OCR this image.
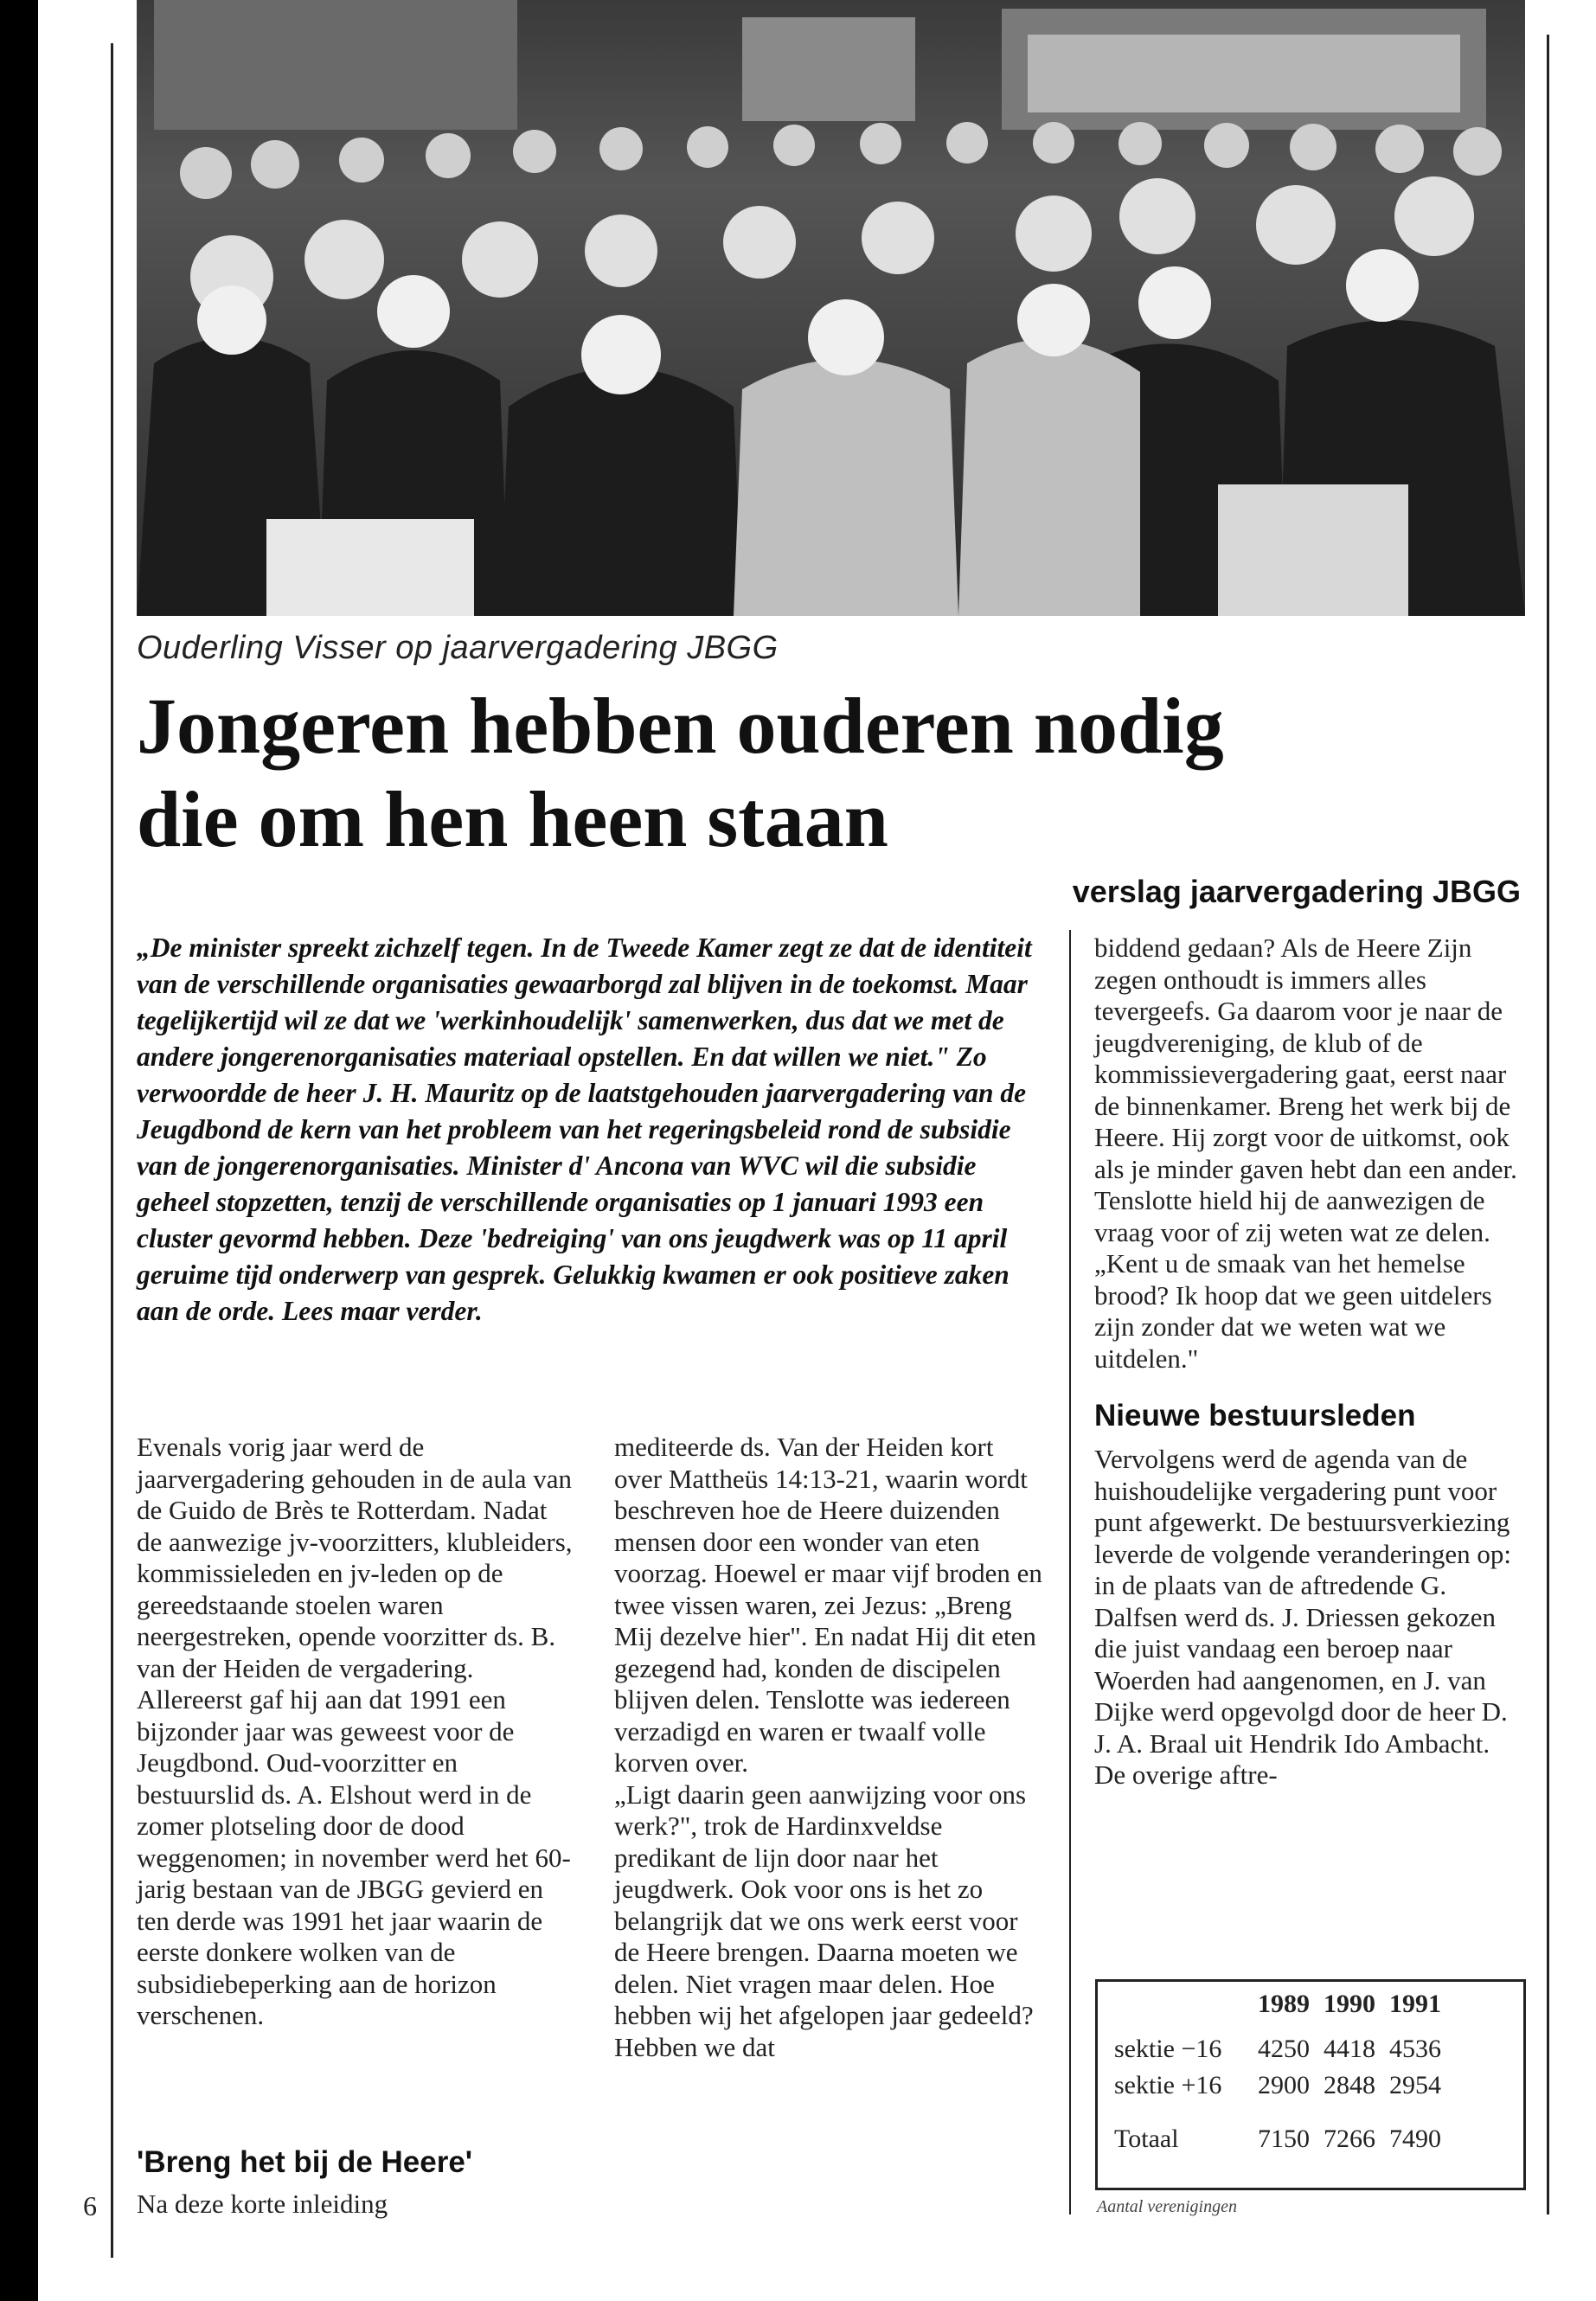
Ouderling Visser op jaarvergadering JBGG
Jongeren hebben ouderen nodig
die om hen heen staan
verslag jaarvergadering JBGG

„De minister spreekt zichzelf tegen. In de Tweede Kamer zegt ze dat de identiteit van de verschillende organisaties gewaarborgd zal blijven in de toekomst. Maar tegelijkertijd wil ze dat we 'werkinhoudelijk' samenwerken, dus dat we met de andere jongerenorganisaties materiaal opstellen. En dat willen we niet." Zo verwoordde de heer J. H. Mauritz op de laatstgehouden jaarvergadering van de Jeugdbond de kern van het probleem van het regeringsbeleid rond de subsidie van de jongerenorganisaties. Minister d' Ancona van WVC wil die subsidie geheel stopzetten, tenzij de verschillende organisaties op 1 januari 1993 een cluster gevormd hebben. Deze 'bedreiging' van ons jeugdwerk was op 11 april geruime tijd onderwerp van gesprek. Gelukkig kwamen er ook positieve zaken aan de orde. Lees maar verder.

Evenals vorig jaar werd de jaarvergadering gehouden in de aula van de Guido de Brès te Rotterdam. Nadat de aanwezige jv-voorzitters, klubleiders, kommissieleden en jv-leden op de gereedstaande stoelen waren neergestreken, opende voorzitter ds. B. van der Heiden de vergadering. Allereerst gaf hij aan dat 1991 een bijzonder jaar was geweest voor de Jeugdbond. Oud-voorzitter en bestuurslid ds. A. Elshout werd in de zomer plotseling door de dood weggenomen; in november werd het 60-jarig bestaan van de JBGG gevierd en ten derde was 1991 het jaar waarin de eerste donkere wolken van de subsidiebeperking aan de horizon verschenen.

'Breng het bij de Heere'
Na deze korte inleiding

mediteerde ds. Van der Heiden kort over Mattheüs 14:13-21, waarin wordt beschreven hoe de Heere duizenden mensen door een wonder van eten voorzag. Hoewel er maar vijf broden en twee vissen waren, zei Jezus: „Breng Mij dezelve hier". En nadat Hij dit eten gezegend had, konden de discipelen blijven delen. Tenslotte was iedereen verzadigd en waren er twaalf volle korven over.

„Ligt daarin geen aanwijzing voor ons werk?", trok de Hardinxveldse predikant de lijn door naar het jeugdwerk. Ook voor ons is het zo belangrijk dat we ons werk eerst voor de Heere brengen. Daarna moeten we delen. Niet vragen maar delen. Hoe hebben wij het afgelopen jaar gedeeld? Hebben we dat

biddend gedaan? Als de Heere Zijn zegen onthoudt is immers alles tevergeefs. Ga daarom voor je naar de jeugdvereniging, de klub of de kommissievergadering gaat, eerst naar de binnenkamer. Breng het werk bij de Heere. Hij zorgt voor de uitkomst, ook als je minder gaven hebt dan een ander. Tenslotte hield hij de aanwezigen de vraag voor of zij weten wat ze delen. „Kent u de smaak van het hemelse brood? Ik hoop dat we geen uitdelers zijn zonder dat we weten wat we uitdelen."

Nieuwe bestuursleden

Vervolgens werd de agenda van de huishoudelijke vergadering punt voor punt afgewerkt. De bestuursverkiezing leverde de volgende veranderingen op: in de plaats van de aftredende G. Dalfsen werd ds. J. Driessen gekozen die juist vandaag een beroep naar Woerden had aangenomen, en J. van Dijke werd opgevolgd door de heer D. J. A. Braal uit Hendrik Ido Ambacht. De overige aftre-

	1989	1990	1991
sektie −16	4250	4418	4536
sektie +16	2900	2848	2954
Totaal	7150	7266	7490
Aantal verenigingen
6
